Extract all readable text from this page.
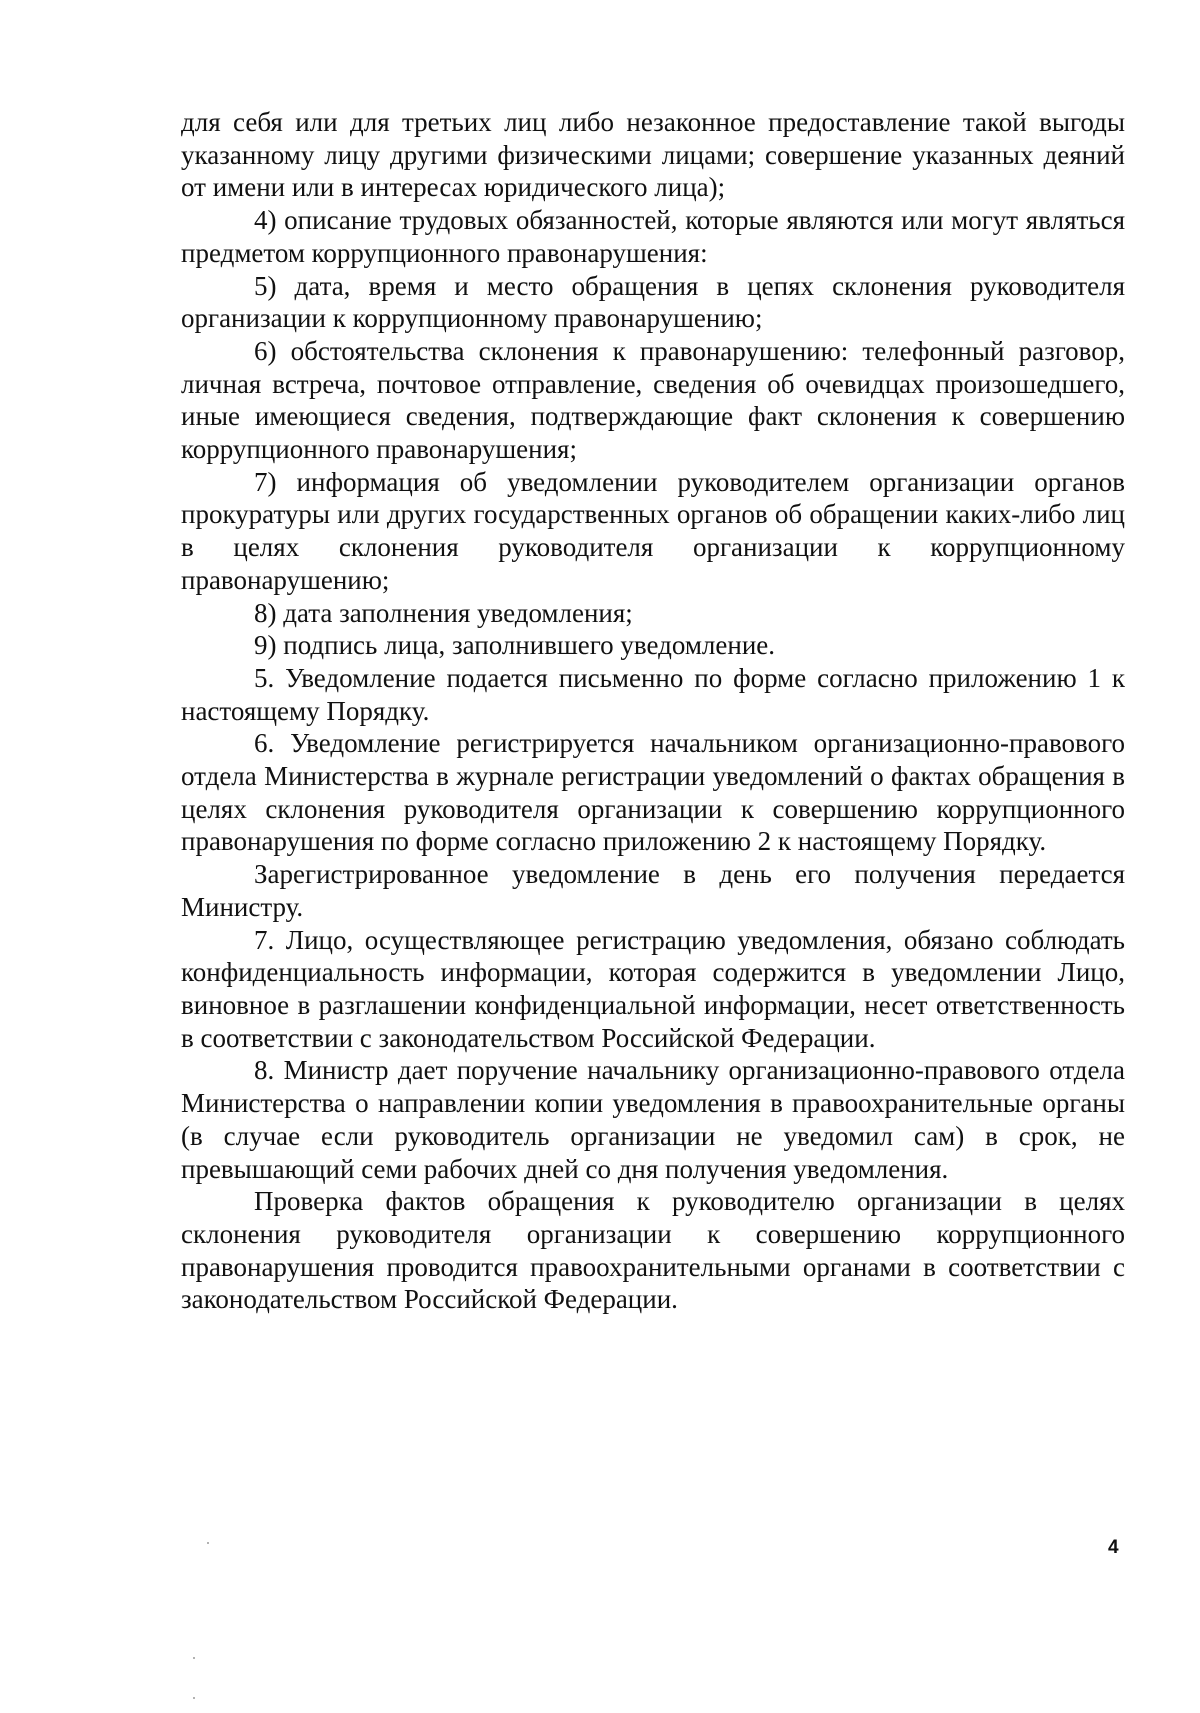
для себя или для третьих лиц либо незаконное предоставление такой выгоды указанному лицу другими физическими лицами; совершение указанных деяний от имени или в интересах юридического лица);

4) описание трудовых обязанностей, которые являются или могут являться предметом коррупционного правонарушения:

5) дата, время и место обращения в цепях склонения руководителя организации к коррупционному правонарушению;

6) обстоятельства склонения к правонарушению: телефонный разговор, личная встреча, почтовое отправление, сведения об очевидцах произошедшего, иные имеющиеся сведения, подтверждающие факт склонения к совершению коррупционного правонарушения;

7) информация об уведомлении руководителем организации органов прокуратуры или других государственных органов об обращении каких-либо лиц в целях склонения руководителя организации к коррупционному правонарушению;

8) дата заполнения уведомления;

9) подпись лица, заполнившего уведомление.

5. Уведомление подается письменно по форме согласно приложению 1 к настоящему Порядку.

6. Уведомление регистрируется начальником организационно-правового отдела Министерства в журнале регистрации уведомлений о фактах обращения в целях склонения руководителя организации к совершению коррупционного правонарушения по форме согласно приложению 2 к настоящему Порядку.

Зарегистрированное уведомление в день его получения передается Министру.

7. Лицо, осуществляющее регистрацию уведомления, обязано соблюдать конфиденциальность информации, которая содержится в уведомлении Лицо, виновное в разглашении конфиденциальной информации, несет ответственность в соответствии с законодательством Российской Федерации.

8. Министр дает поручение начальнику организационно-правового отдела Министерства о направлении копии уведомления в правоохранительные органы (в случае если руководитель организации не уведомил сам) в срок, не превышающий семи рабочих дней со дня получения уведомления.

Проверка фактов обращения к руководителю организации в целях склонения руководителя организации к совершению коррупционного правонарушения проводится правоохранительными органами в соответствии с законодательством Российской Федерации.

4
